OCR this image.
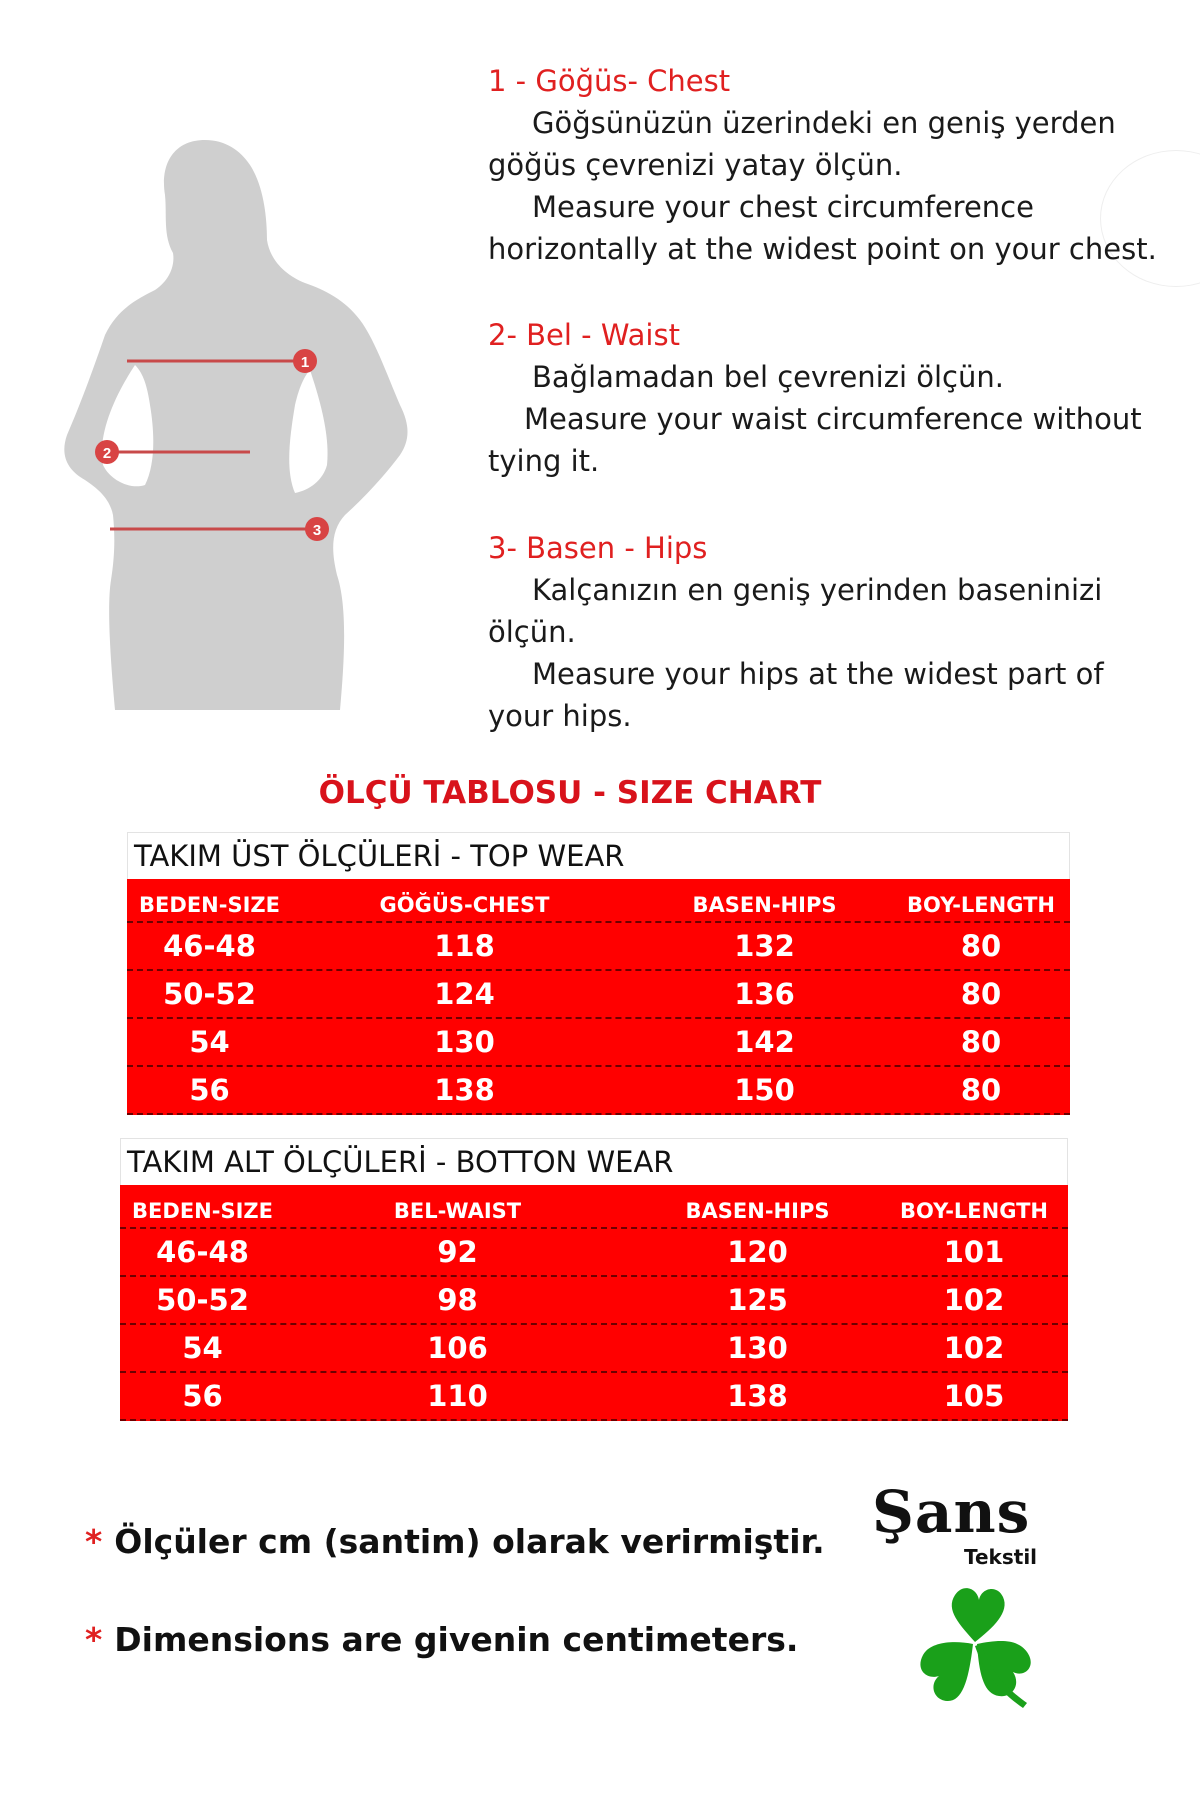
1
2
3

1 - Göğüs- Chest

Göğsünüzün üzerindeki en geniş yerden

göğüs çevrenizi yatay ölçün.

Measure your chest circumference

horizontally at the widest point on your chest.

2- Bel - Waist

Bağlamadan bel çevrenizi ölçün.

Measure your waist circumference without

tying it.

3- Basen - Hips

Kalçanızın en geniş yerinden baseninizi

ölçün.

Measure your hips at the widest part of

your hips.

ÖLÇÜ TABLOSU - SIZE CHART
TAKIM ÜST ÖLÇÜLERİ - TOP WEAR
BEDEN-SIZE	GÖĞÜS-CHEST	BASEN-HIPS	BOY-LENGTH
46-48	118	132	80
50-52	124	136	80
54	130	142	80
56	138	150	80
TAKIM ALT ÖLÇÜLERİ - BOTTON WEAR
BEDEN-SIZE	BEL-WAIST	BASEN-HIPS	BOY-LENGTH
46-48	92	120	101
50-52	98	125	102
54	106	130	102
56	110	138	105
* Ölçüler cm (santim) olarak verirmiştir.
* Dimensions are givenin centimeters.
Şans
Tekstil
